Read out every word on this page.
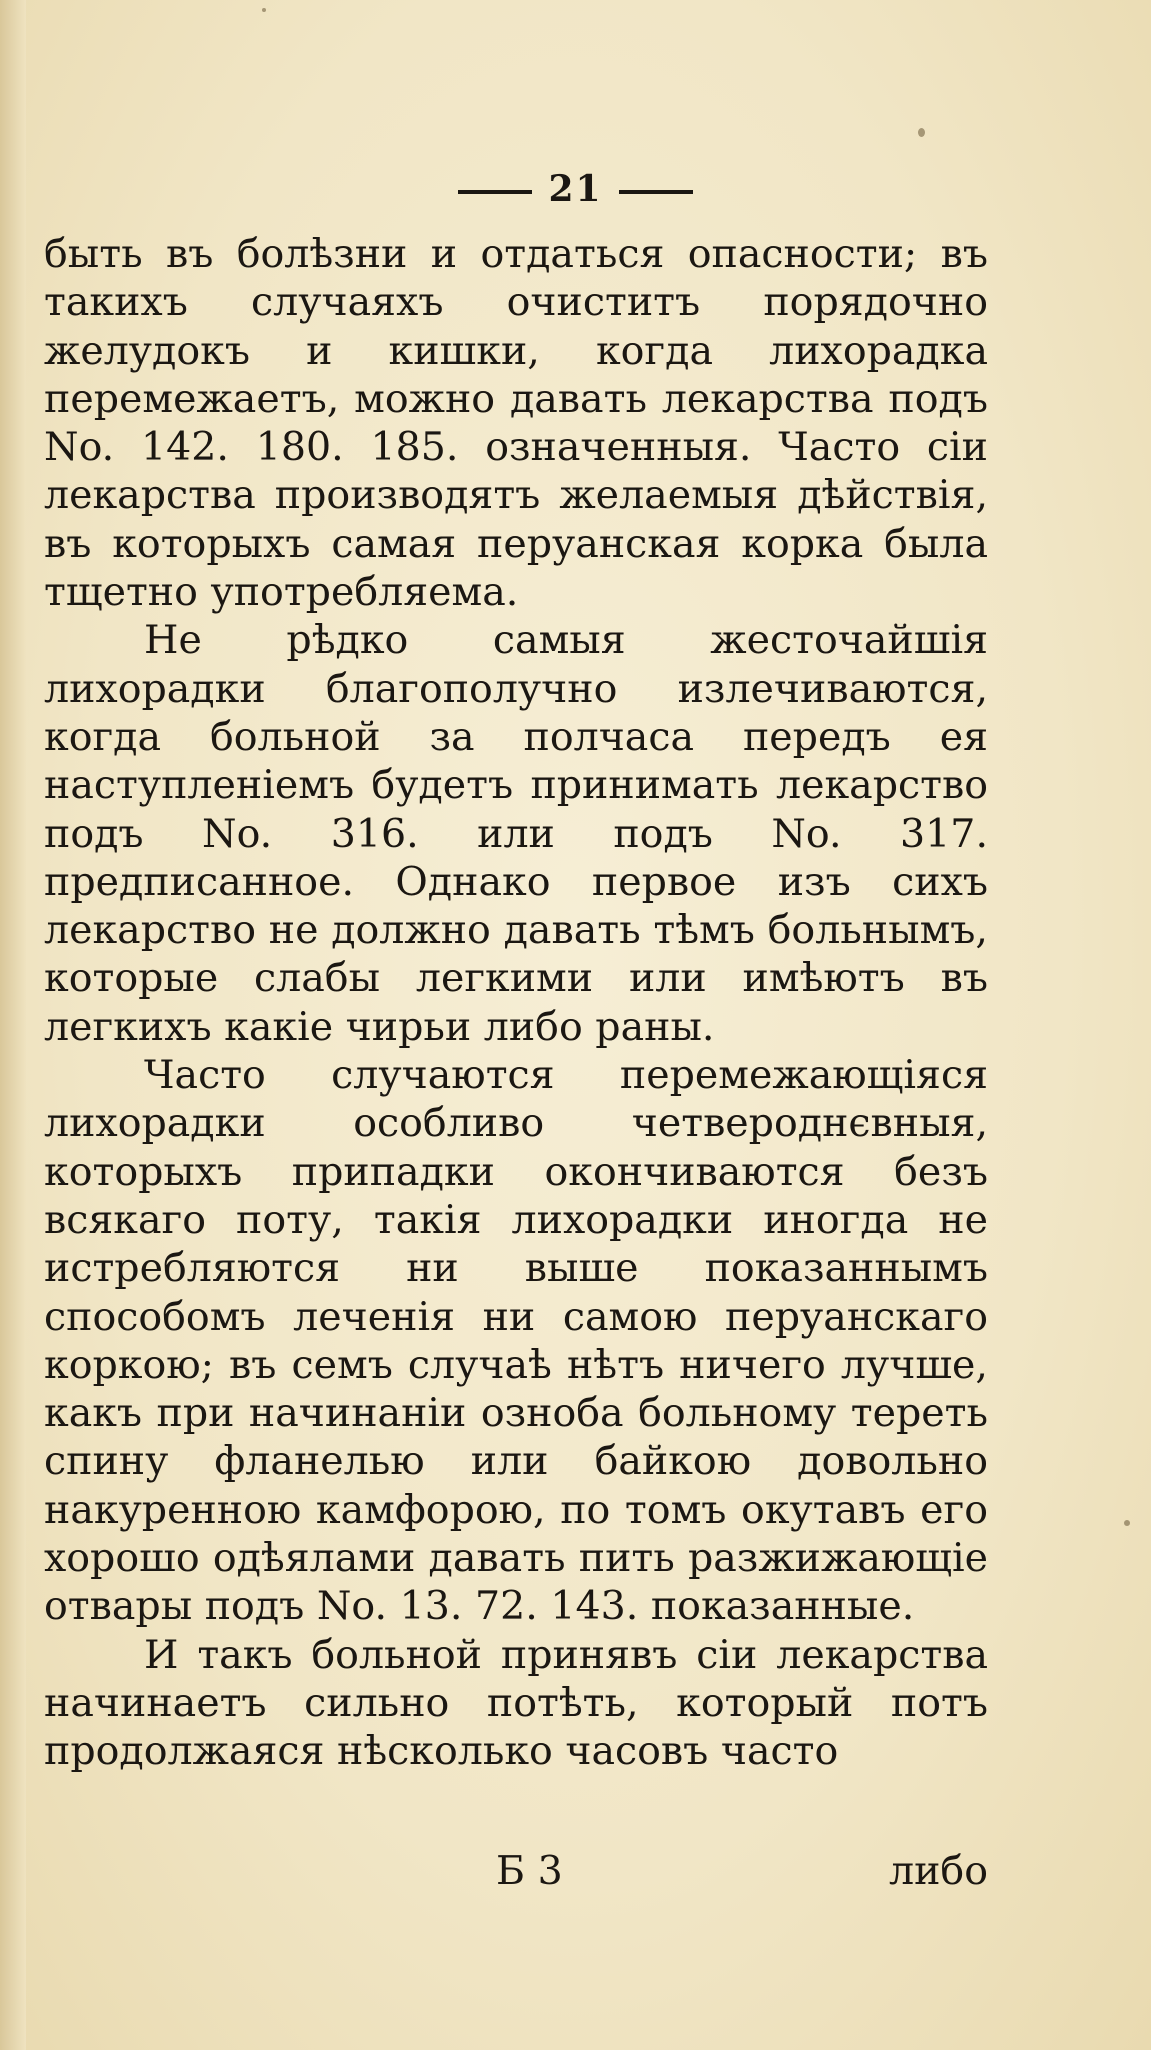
21

быть въ болѣзни и отдаться опасности; въ такихъ случаяхъ очиститъ порядочно желудокъ и кишки, когда лихорадка перемежаетъ, можно давать лекарства подъ No. 142. 180. 185. означенныя. Часто сіи лекарства производятъ желаемыя дѣйствія, въ которыхъ самая перуанская корка была тщетно употребляема.

Не рѣдко самыя жесточайшія лихорадки благополучно излечиваются, когда больной за полчаса передъ ея наступленіемъ будетъ принимать лекарство подъ No. 316. или подъ No. 317. предписанное. Однако первое изъ сихъ лекарство не должно давать тѣмъ больнымъ, которые слабы легкими или имѣютъ въ легкихъ какіе чирьи либо раны.

Часто случаются перемежающіяся лихорадки особливо четвероднєвныя, которыхъ припадки окончиваются безъ всякаго поту, такія лихорадки иногда не истребляются ни выше показаннымъ способомъ леченія ни самою перуанскаго коркою; въ семъ случаѣ нѣтъ ничего лучше, какъ при начинаніи озноба больному тереть спину фланелью или байкою довольно накуренною камфорою, по томъ окутавъ его хорошо одѣялами давать пить разжижающіе отвары подъ No. 13. 72. 143. показанные.

И такъ больной принявъ сіи лекарства начинаетъ сильно потѣть, который потъ продолжаяся нѣсколько часовъ часто

Б 3	либо
